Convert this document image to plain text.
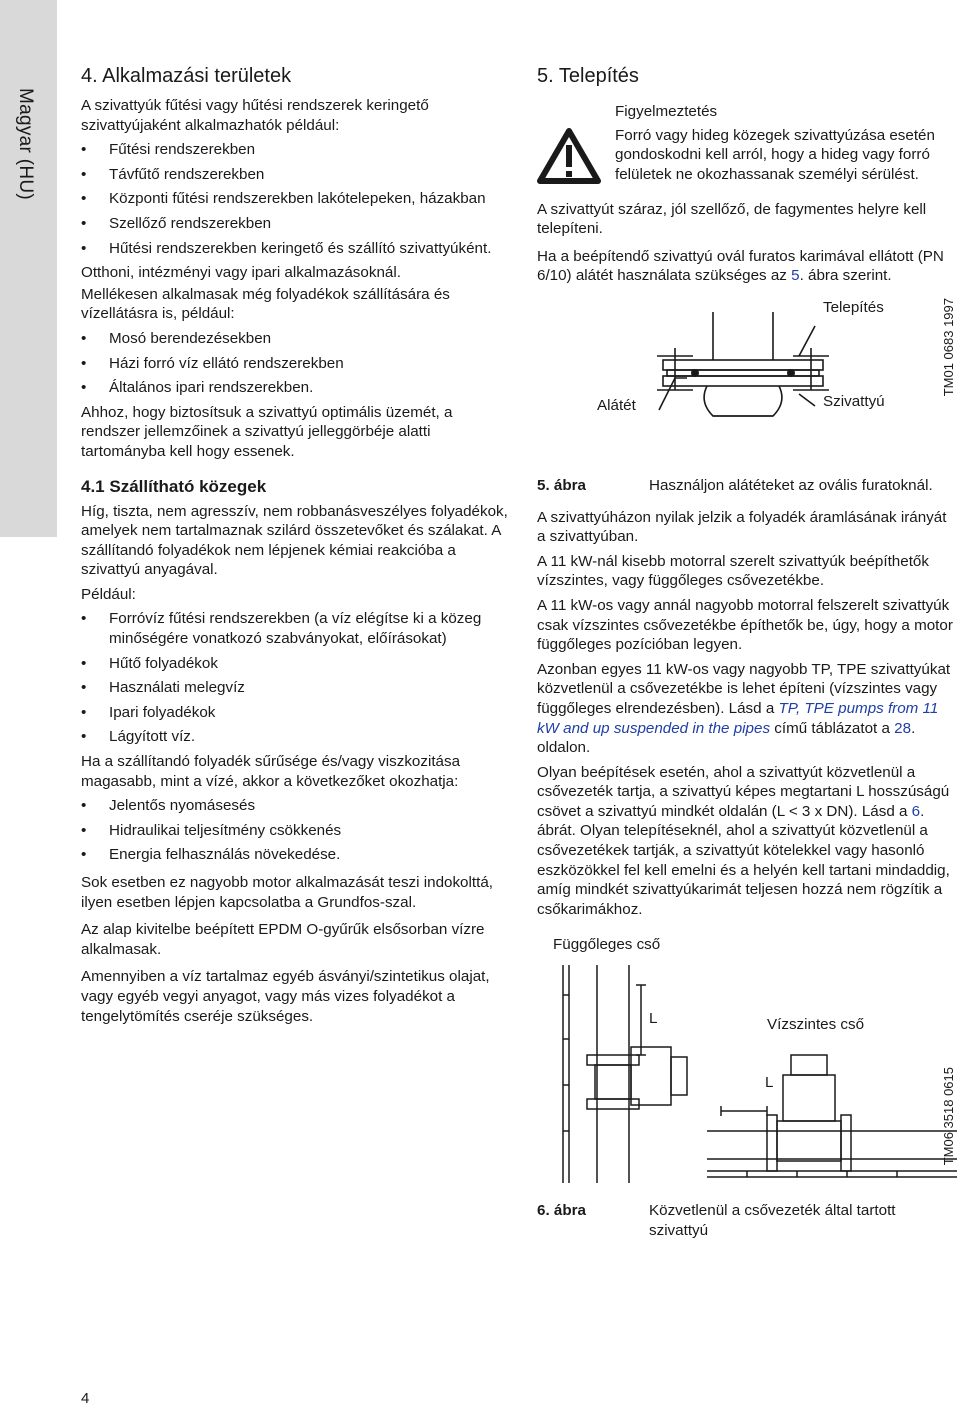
Magyar (HU)
4. Alkalmazási területek

A szivattyúk fűtési vagy hűtési rendszerek keringető szivattyújaként alkalmazhatók például:

• Fűtési rendszerekben
• Távfűtő rendszerekben
• Központi fűtési rendszerekben lakótelepeken, házakban
• Szellőző rendszerekben
• Hűtési rendszerekben keringető és szállító szivattyúként.

Otthoni, intézményi vagy ipari alkalmazásoknál.

Mellékesen alkalmasak még folyadékok szállítására és vízellátásra is, például:

• Mosó berendezésekben
• Házi forró víz ellátó rendszerekben
• Általános ipari rendszerekben.

Ahhoz, hogy biztosítsuk a szivattyú optimális üzemét, a rendszer jellemzőinek a szivattyú jelleggörbéje alatti tartományba kell hogy essenek.

4.1 Szállítható közegek

Híg, tiszta, nem agresszív, nem robbanásveszélyes folyadékok, amelyek nem tartalmaznak szilárd összetevőket és szálakat. A szállítandó folyadékok nem lépjenek kémiai reakcióba a szivattyú anyagával.

Például:

• Forróvíz fűtési rendszerekben (a víz elégítse ki a közeg minőségére vonatkozó szabványokat, előírásokat)
• Hűtő folyadékok
• Használati melegvíz
• Ipari folyadékok
• Lágyított víz.

Ha a szállítandó folyadék sűrűsége és/vagy viszkozitása magasabb, mint a vízé, akkor a következőket okozhatja:

• Jelentős nyomásesés
• Hidraulikai teljesítmény csökkenés
• Energia felhasználás növekedése.

Sok esetben ez nagyobb motor alkalmazását teszi indokolttá, ilyen esetben lépjen kapcsolatba a Grundfos-szal.

Az alap kivitelbe beépített EPDM O-gyűrűk elsősorban vízre alkalmasak.

Amennyiben a víz tartalmaz egyéb ásványi/szintetikus olajat, vagy egyéb vegyi anyagot, vagy más vizes folyadékot a tengelytömítés cseréje szükséges.

5. Telepítés

Figyelmeztetés

Forró vagy hideg közegek szivattyúzása esetén gondoskodni kell arról, hogy a hideg vagy forró felületek ne okozhassanak személyi sérülést.

A szivattyút száraz, jól szellőző, de fagymentes helyre kell telepíteni.

Ha a beépítendő szivattyú ovál furatos karimával ellátott (PN 6/10) alátét használata szükséges az 5. ábra szerint.

Telepítés
Szivattyú
Alátét
TM01 0683 1997
5. ábra	Használjon alátéteket az ovális furatoknál.

A szivattyúházon nyilak jelzik a folyadék áramlásának irányát a szivattyúban.

A 11 kW-nál kisebb motorral szerelt szivattyúk beépíthetők vízszintes, vagy függőleges csővezetékbe.

A 11 kW-os vagy annál nagyobb motorral felszerelt szivattyúk csak vízszintes csővezetékbe építhetők be, úgy, hogy a motor függőleges pozícióban legyen.

Azonban egyes 11 kW-os vagy nagyobb TP, TPE szivattyúkat közvetlenül a csővezetékbe is lehet építeni (vízszintes vagy függőleges elrendezésben). Lásd a TP, TPE pumps from 11 kW and up suspended in the pipes című táblázatot a 28. oldalon.

Olyan beépítések esetén, ahol a szivattyút közvetlenül a csővezeték tartja, a szivattyú képes megtartani L hosszúságú csövet a szivattyú mindkét oldalán (L < 3 x DN). Lásd a 6. ábrát. Olyan telepítéseknél, ahol a szivattyút közvetlenül a csővezetékek tartják, a szivattyút kötelekkel vagy hasonló eszközökkel fel kell emelni és a helyén kell tartani mindaddig, amíg mindkét szivattyúkarimát teljesen hozzá nem rögzítik a csőkarimákhoz.

Függőleges cső
Vízszintes cső
L
L	TM06 3518 0615
6. ábra	Közvetlenül a csővezeték által tartott szivattyú
4
